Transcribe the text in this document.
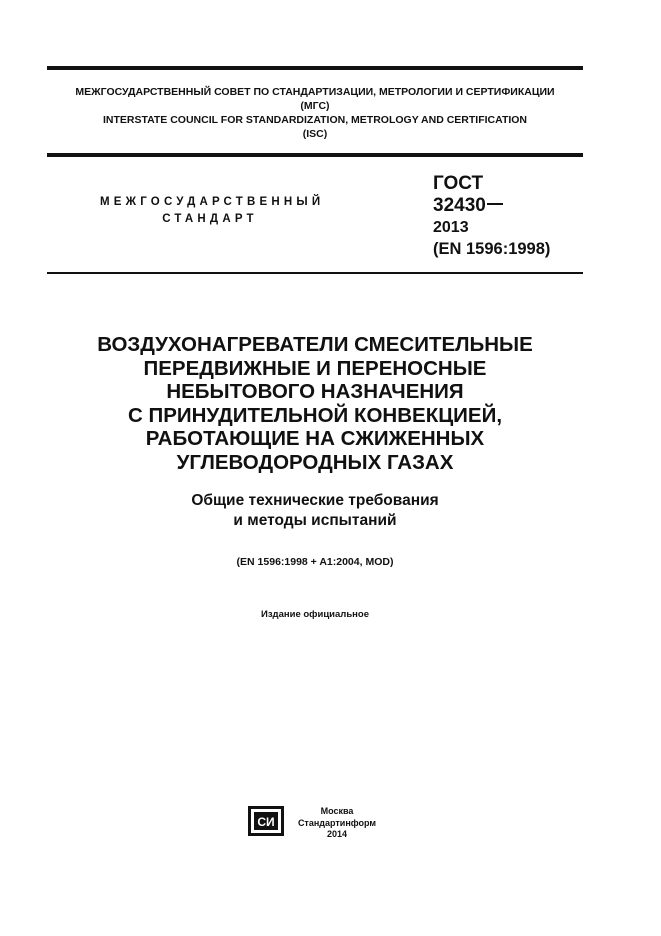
МЕЖГОСУДАРСТВЕННЫЙ СОВЕТ ПО СТАНДАРТИЗАЦИИ, МЕТРОЛОГИИ И СЕРТИФИКАЦИИ
(МГС)
INTERSTATE COUNCIL FOR STANDARDIZATION, METROLOGY AND CERTIFICATION
(ISC)
МЕЖГОСУДАРСТВЕННЫЙ
СТАНДАРТ
ГОСТ
32430
2013
(EN 1596:1998)
ВОЗДУХОНАГРЕВАТЕЛИ СМЕСИТЕЛЬНЫЕ
ПЕРЕДВИЖНЫЕ И ПЕРЕНОСНЫЕ
НЕБЫТОВОГО НАЗНАЧЕНИЯ
С ПРИНУДИТЕЛЬНОЙ КОНВЕКЦИЕЙ,
РАБОТАЮЩИЕ НА СЖИЖЕННЫХ
УГЛЕВОДОРОДНЫХ ГАЗАХ
Общие технические требования
и методы испытаний
(EN 1596:1998 + A1:2004, MOD)
Издание официальное
СИ
Москва
Стандартинформ
2014
